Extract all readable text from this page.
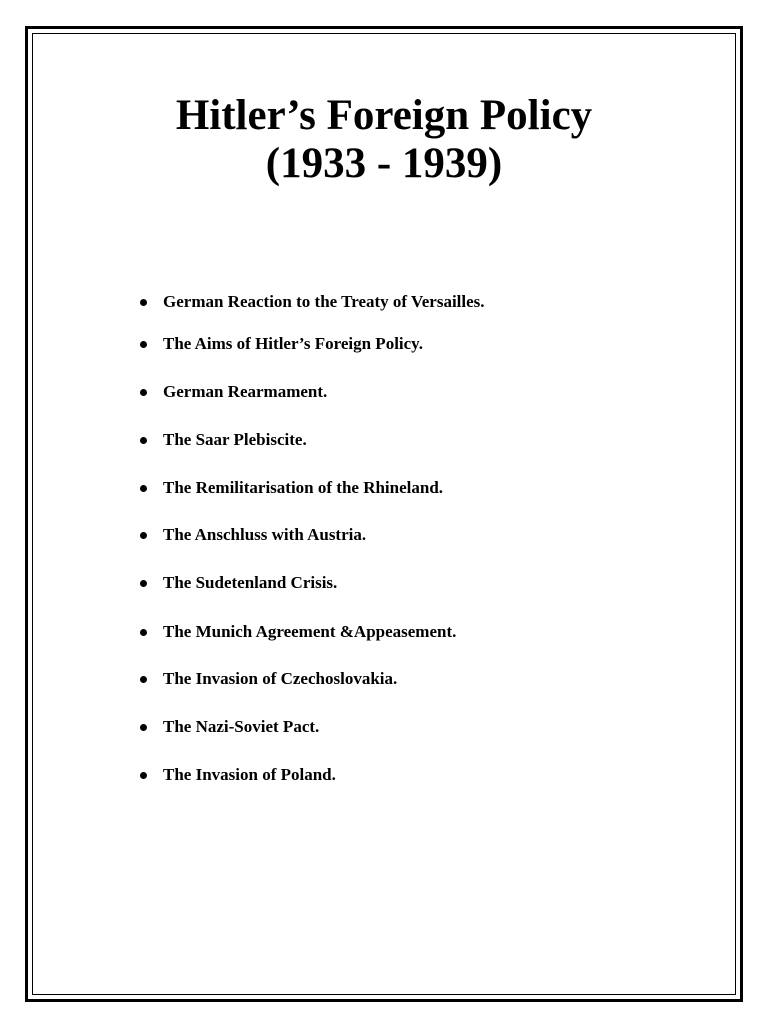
Hitler’s Foreign Policy
(1933 - 1939)
German Reaction to the Treaty of Versailles.
The Aims of Hitler’s Foreign Policy.
German Rearmament.
The Saar Plebiscite.
The Remilitarisation of the Rhineland.
The Anschluss with Austria.
The Sudetenland Crisis.
The Munich Agreement &Appeasement.
The Invasion of Czechoslovakia.
The Nazi-Soviet Pact.
The Invasion of Poland.
